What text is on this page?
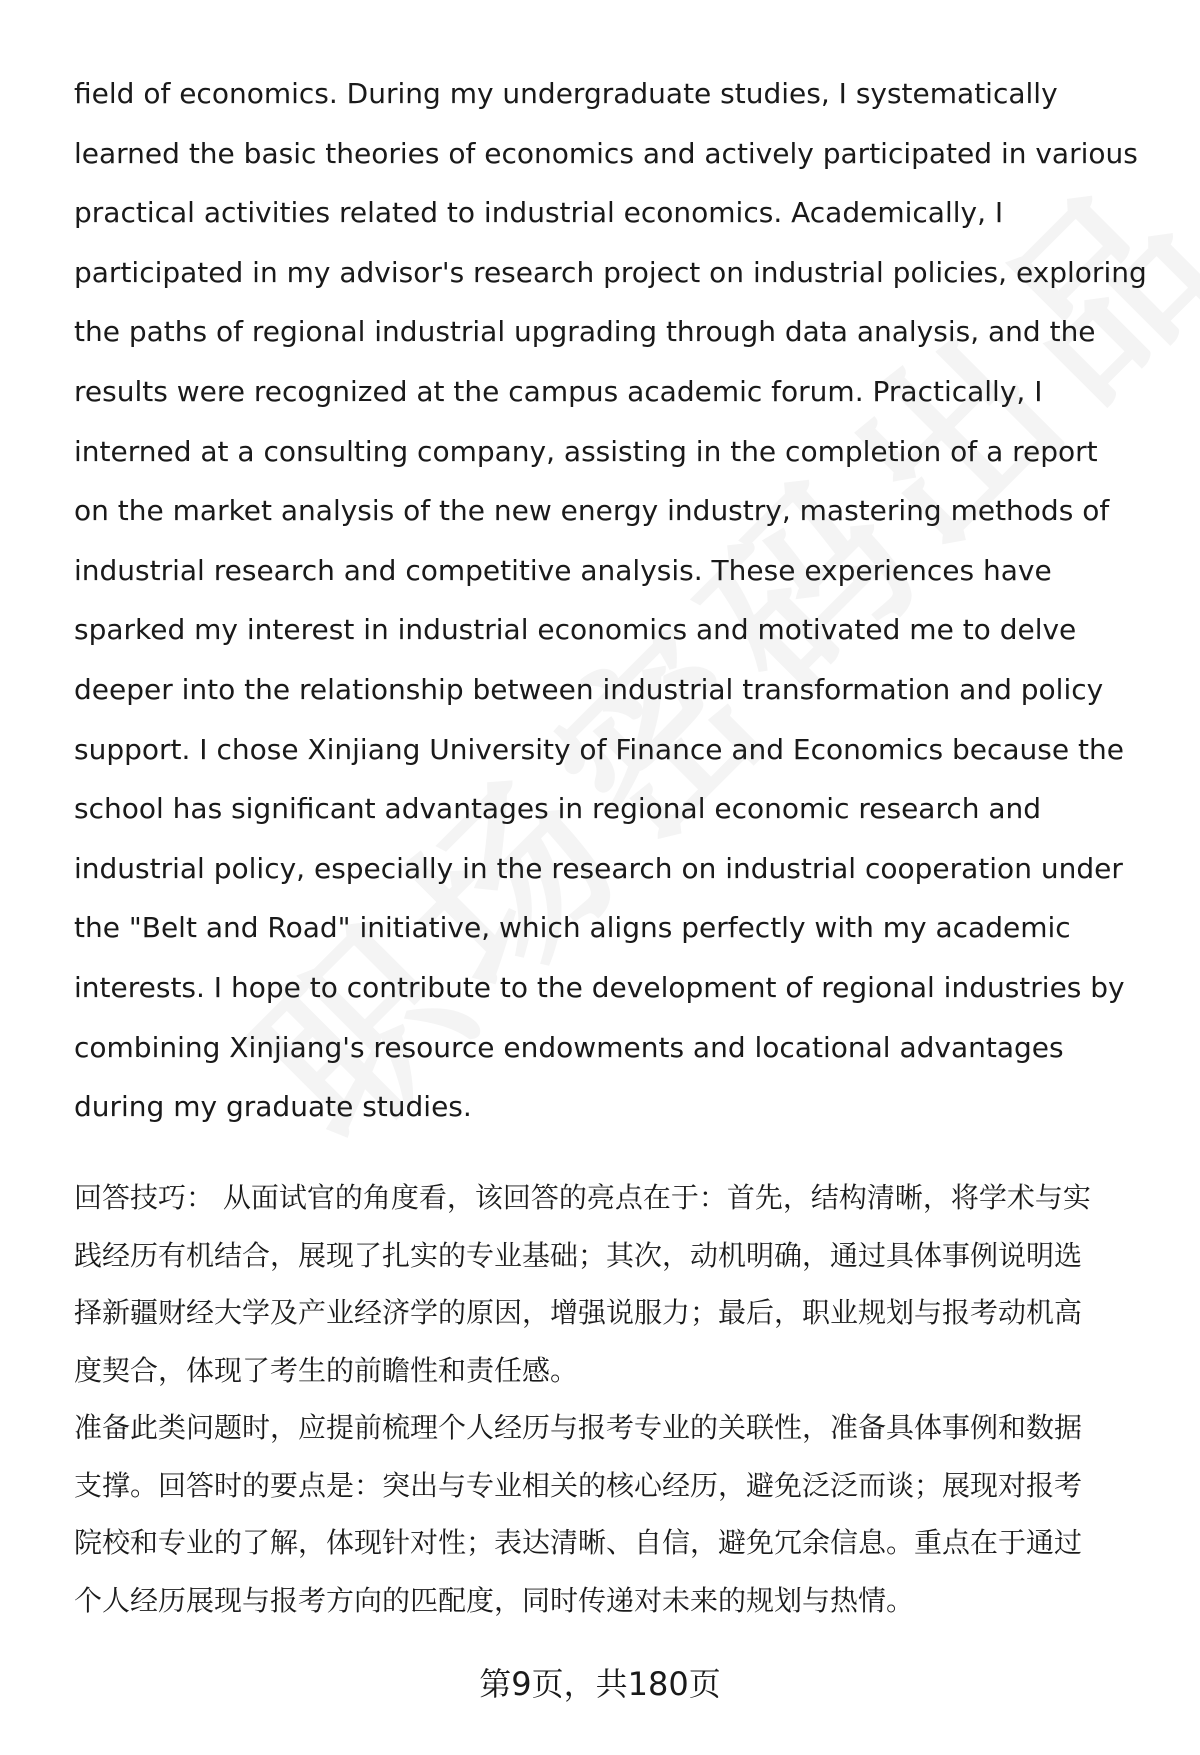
field of economics. During my undergraduate studies, I systematically
learned the basic theories of economics and actively participated in various
practical activities related to industrial economics. Academically, I
participated in my advisor's research project on industrial policies, exploring
the paths of regional industrial upgrading through data analysis, and the
results were recognized at the campus academic forum. Practically, I
interned at a consulting company, assisting in the completion of a report
on the market analysis of the new energy industry, mastering methods of
industrial research and competitive analysis. These experiences have
sparked my interest in industrial economics and motivated me to delve
deeper into the relationship between industrial transformation and policy
support. I chose Xinjiang University of Finance and Economics because the
school has significant advantages in regional economic research and
industrial policy, especially in the research on industrial cooperation under
the "Belt and Road" initiative, which aligns perfectly with my academic
interests. I hope to contribute to the development of regional industries by
combining Xinjiang's resource endowments and locational advantages
during my graduate studies.

回答技巧： 从面试官的角度看，该回答的亮点在于：首先，结构清晰，将学术与实
践经历有机结合，展现了扎实的专业基础；其次，动机明确，通过具体事例说明选
择新疆财经大学及产业经济学的原因，增强说服力；最后，职业规划与报考动机高
度契合，体现了考生的前瞻性和责任感。

准备此类问题时，应提前梳理个人经历与报考专业的关联性，准备具体事例和数据
支撑。回答时的要点是：突出与专业相关的核心经历，避免泛泛而谈；展现对报考
院校和专业的了解，体现针对性；表达清晰、自信，避免冗余信息。重点在于通过
个人经历展现与报考方向的匹配度，同时传递对未来的规划与热情。

第9页，共180页
